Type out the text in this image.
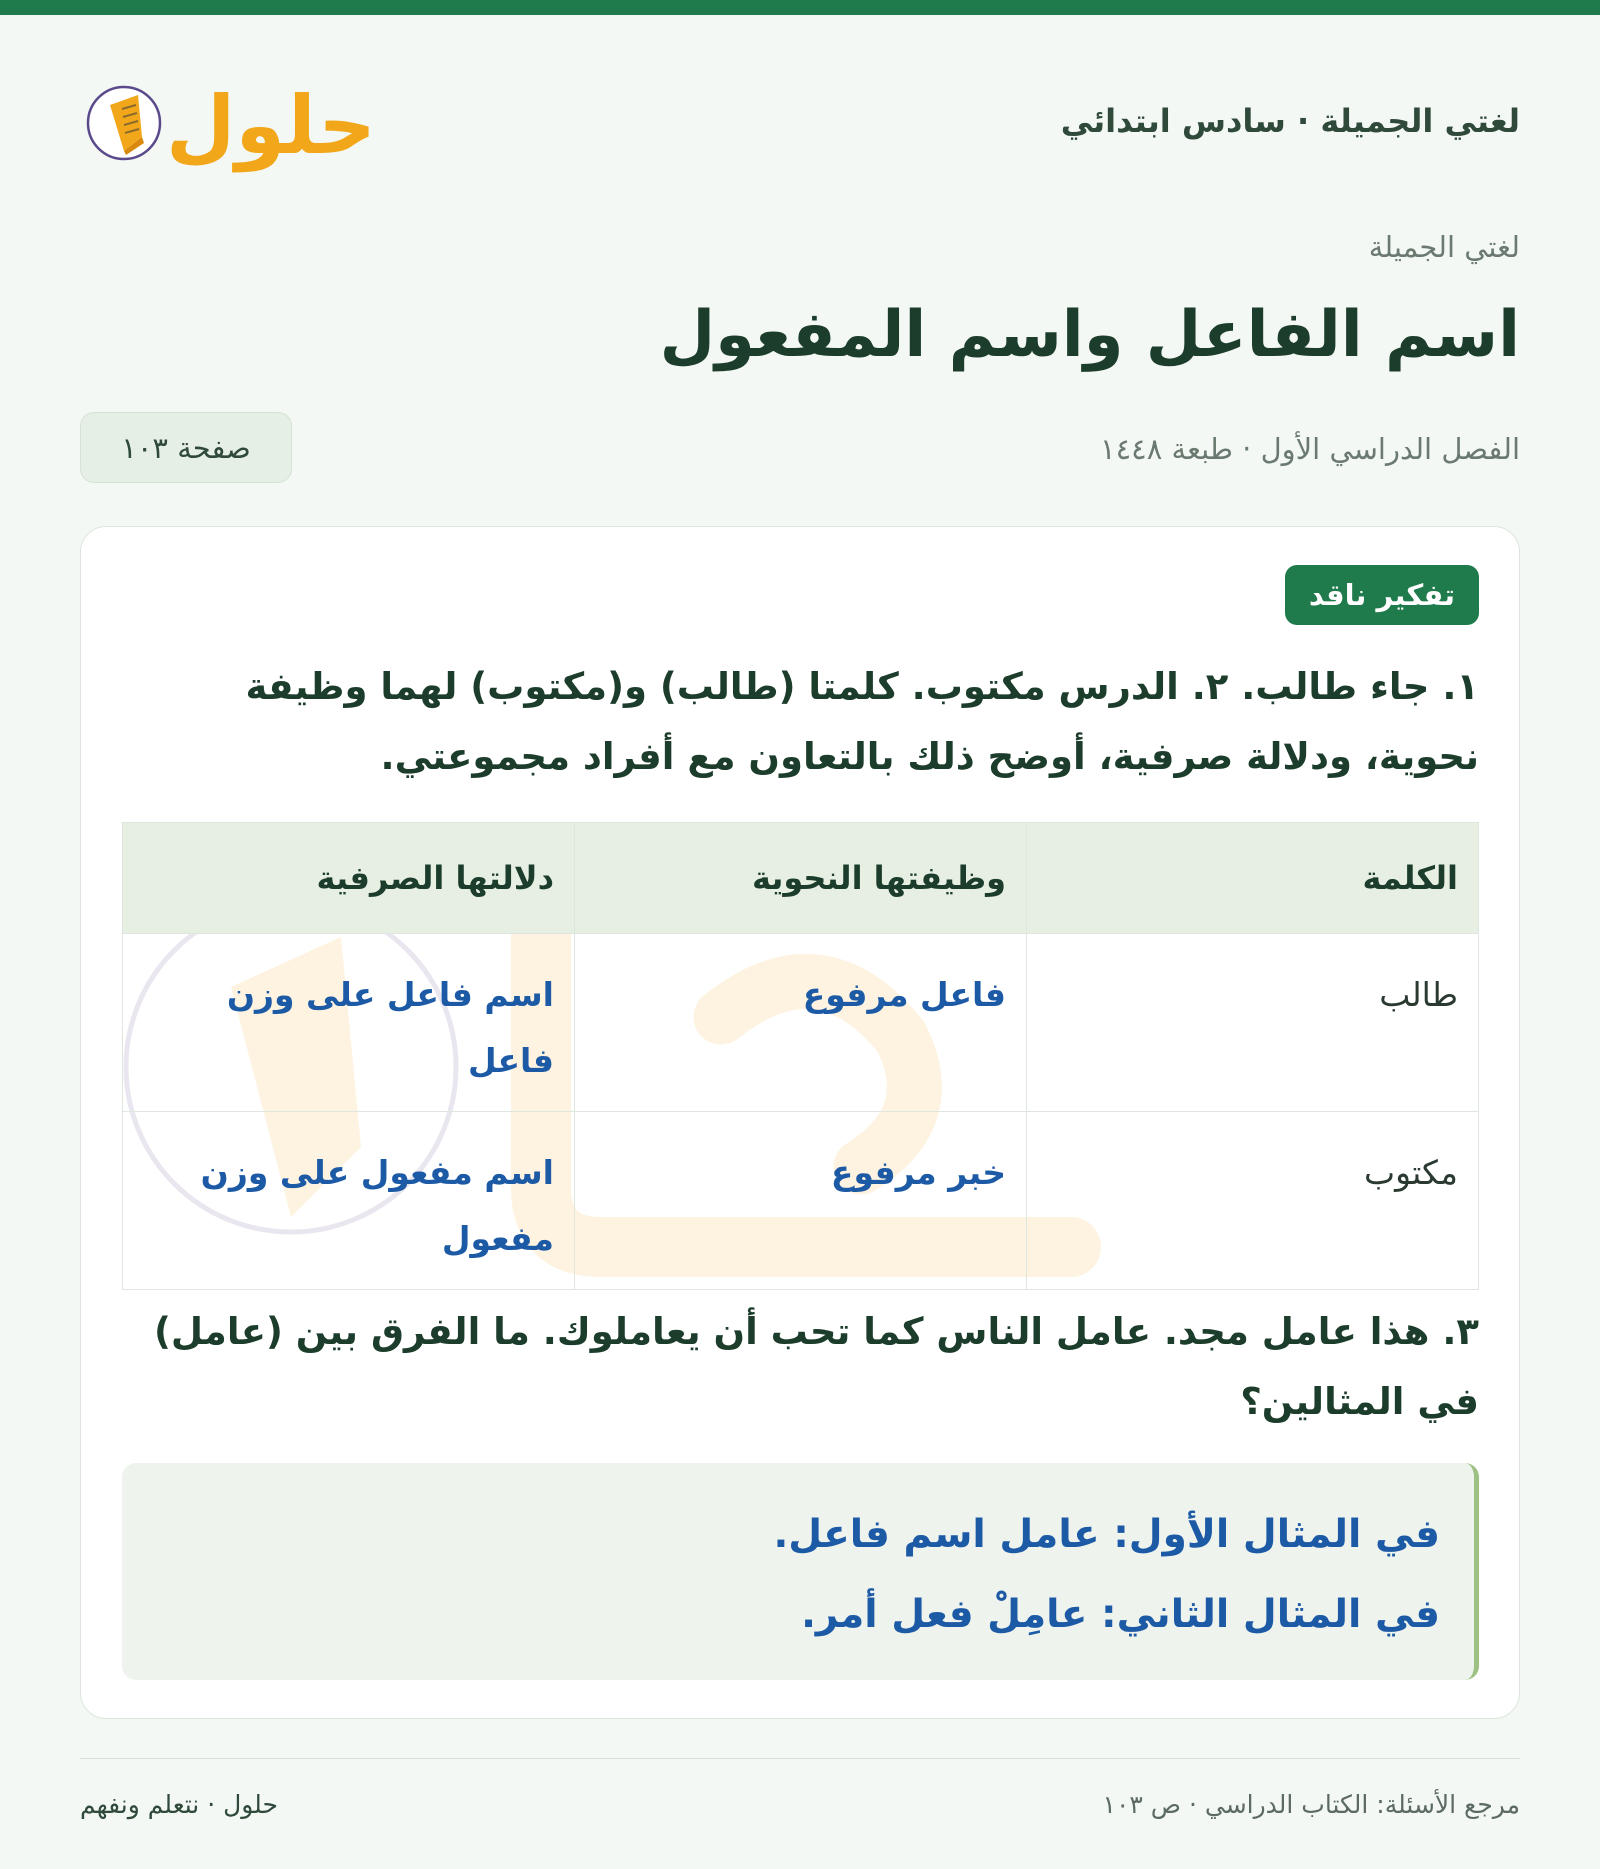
لغتي الجميلة · سادس ابتدائي
حلول
لغتي الجميلة
اسم الفاعل واسم المفعول
الفصل الدراسي الأول · طبعة ١٤٤٨
صفحة ١٠٣
تفكير ناقد

١. جاء طالب. ٢. الدرس مكتوب. كلمتا (طالب) و(مكتوب) لهما وظيفة نحوية، ودلالة صرفية، أوضح ذلك بالتعاون مع أفراد مجموعتي.

الكلمة	وظيفتها النحوية	دلالتها الصرفية
طالب	فاعل مرفوع	اسم فاعل على وزن فاعل
مكتوب	خبر مرفوع	اسم مفعول على وزن مفعول

٣. هذا عامل مجد. عامل الناس كما تحب أن يعاملوك. ما الفرق بين (عامل) في المثالين؟

في المثال الأول: عامل اسم فاعل.

في المثال الثاني: عامِلْ فعل أمر.

مرجع الأسئلة: الكتاب الدراسي · ص ١٠٣
حلول · نتعلم ونفهم
